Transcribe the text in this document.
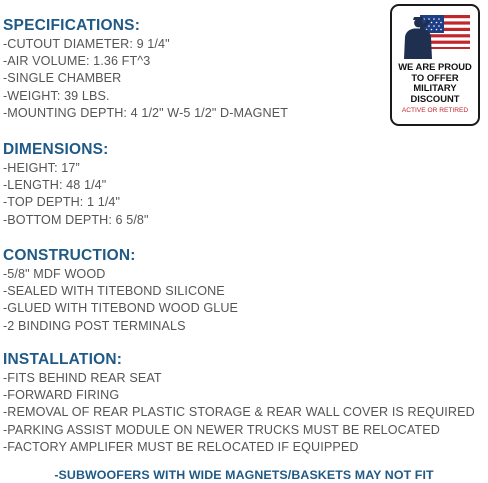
SPECIFICATIONS:
-CUTOUT DIAMETER: 9 1/4"
-AIR VOLUME: 1.36 FT^3
-SINGLE CHAMBER
-WEIGHT: 39 LBS.
-MOUNTING DEPTH: 4 1/2" W-5 1/2" D-MAGNET
DIMENSIONS:
-HEIGHT: 17”
-LENGTH: 48 1/4"
-TOP DEPTH: 1 1/4"
-BOTTOM DEPTH: 6 5/8"
CONSTRUCTION:
-5/8" MDF WOOD
-SEALED WITH TITEBOND SILICONE
-GLUED WITH TITEBOND WOOD GLUE
-2 BINDING POST TERMINALS
INSTALLATION:
-FITS BEHIND REAR SEAT
-FORWARD FIRING
-REMOVAL OF REAR PLASTIC STORAGE & REAR WALL COVER IS REQUIRED
-PARKING ASSIST MODULE ON NEWER TRUCKS MUST BE RELOCATED
-FACTORY AMPLIFER MUST BE RELOCATED IF EQUIPPED
-SUBWOOFERS WITH WIDE MAGNETS/BASKETS MAY NOT FIT
WE ARE PROUD
TO OFFER
MILITARY
DISCOUNT
ACTIVE OR RETIRED
